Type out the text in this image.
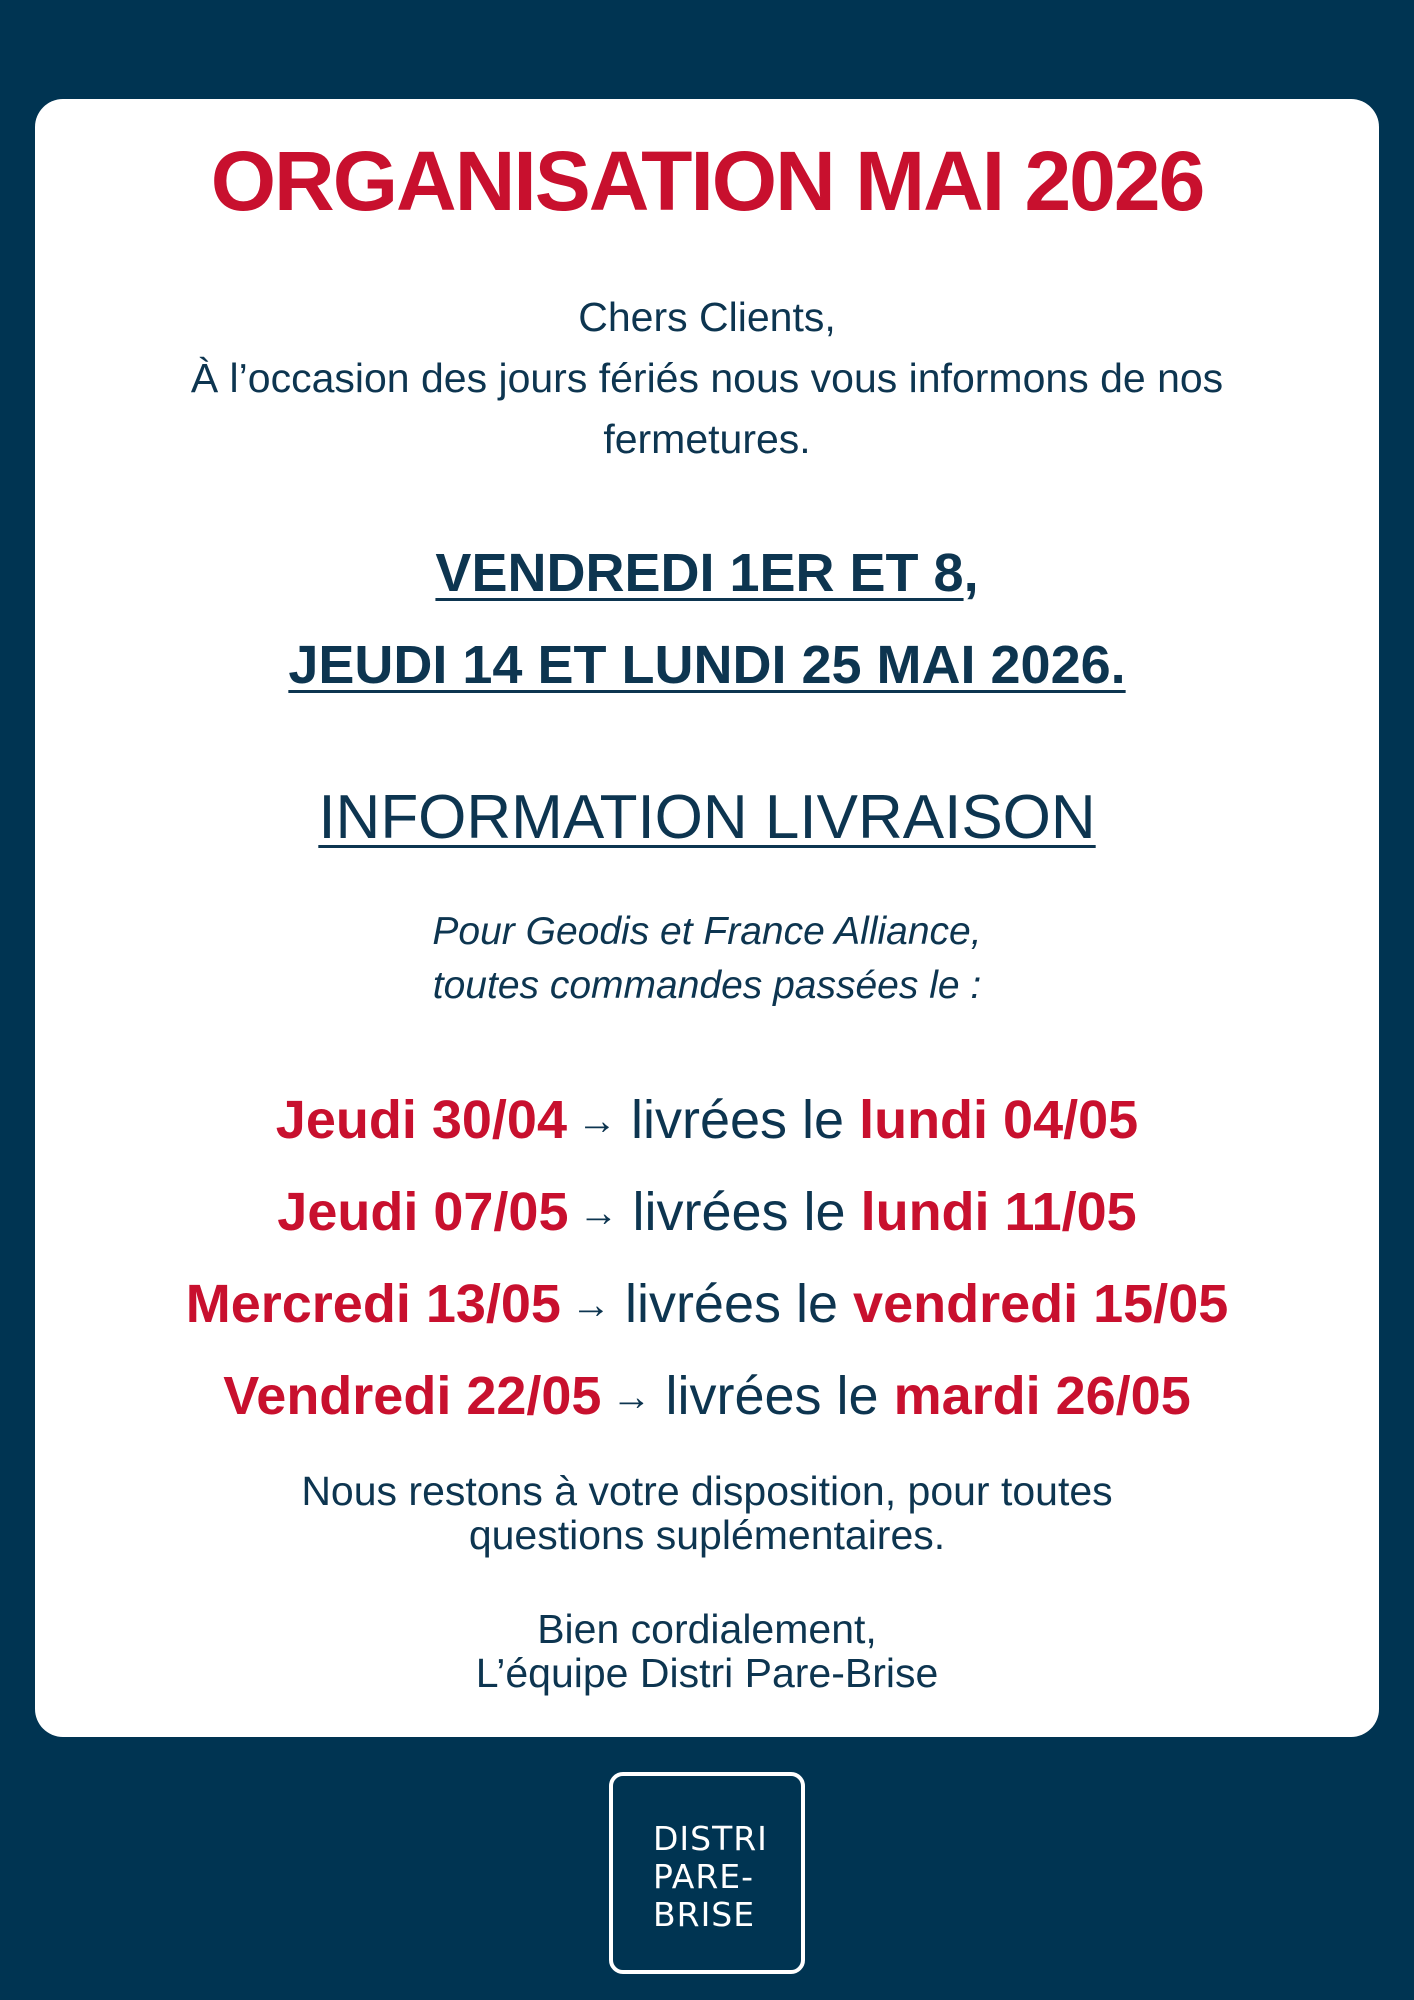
ORGANISATION MAI 2026
Chers Clients,
À l’occasion des jours fériés nous vous informons de nos
fermetures.
VENDREDI 1ER ET 8,
JEUDI 14 ET LUNDI 25 MAI 2026.
INFORMATION LIVRAISON
Pour Geodis et France Alliance,
toutes commandes passées le :
Jeudi 30/04 → livrées le lundi 04/05
Jeudi 07/05 → livrées le lundi 11/05
Mercredi 13/05 → livrées le vendredi 15/05
Vendredi 22/05 → livrées le mardi 26/05
Nous restons à votre disposition, pour toutes
questions suplémentaires.
Bien cordialement,
L’équipe Distri Pare-Brise
DISTRI
PARE-
BRISE
